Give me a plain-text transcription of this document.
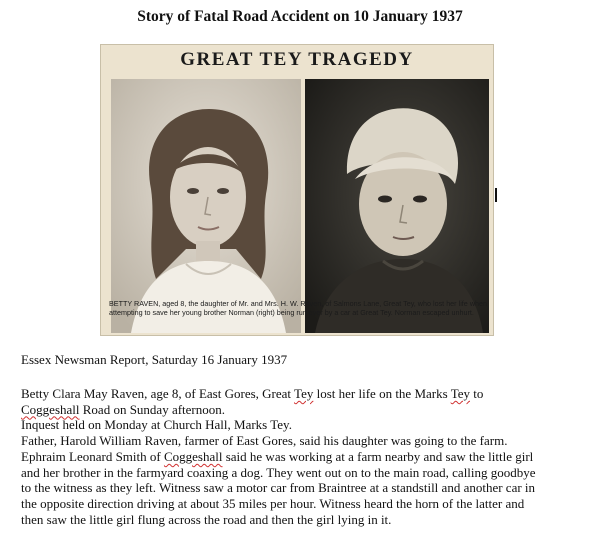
Story of Fatal Road Accident on 10 January 1937
GREAT TEY TRAGEDY
BETTY RAVEN, aged 8, the daughter of Mr. and Mrs. H. W. Raven, of Salmons Lane, Great Tey, who lost her life when attempting to save her young brother Norman (right) being run over by a car at Great Tey. Norman escaped unhurt.
Essex Newsman Report, Saturday 16 January 1937

Betty Clara May Raven, age 8, of East Gores, Great Tey lost her life on the Marks Tey to

Coggeshall Road on Sunday afternoon.

Inquest held on Monday at Church Hall, Marks Tey.

Father, Harold William Raven, farmer of East Gores, said his daughter was going to the farm.

Ephraim Leonard Smith of Coggeshall said he was working at a farm nearby and saw the little girl

and her brother in the farmyard coaxing a dog. They went out on to the main road, calling goodbye

to the witness as they left. Witness saw a motor car from Braintree at a standstill and another car in

the opposite direction driving at about 35 miles per hour. Witness heard the horn of the latter and

then saw the little girl flung across the road and then the girl lying in it.
